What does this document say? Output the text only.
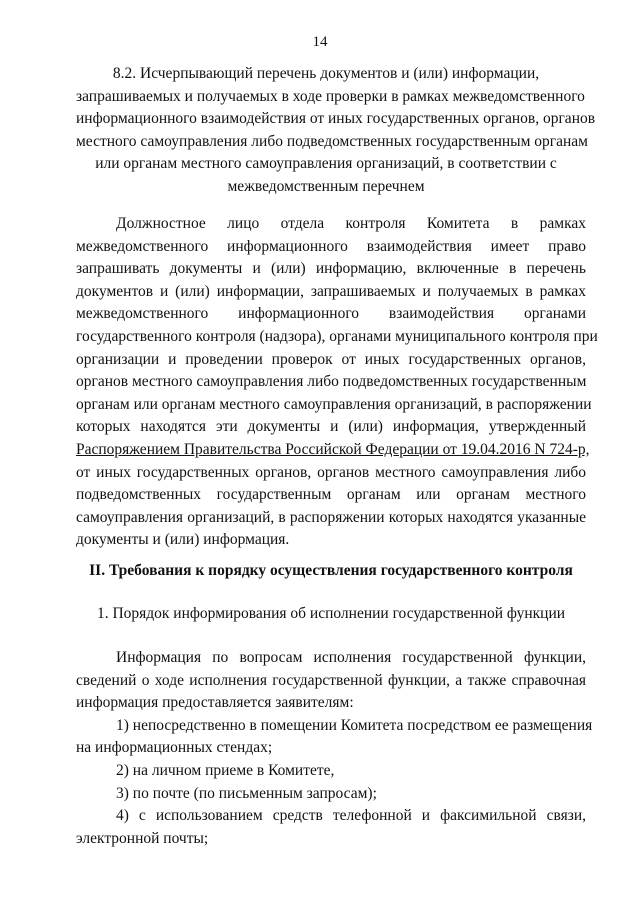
14
8.2. Исчерпывающий перечень документов и (или) информации,
запрашиваемых и получаемых в ходе проверки в рамках межведомственного
информационного взаимодействия от иных государственных органов, органов
местного самоуправления либо подведомственных государственным органам
или органам местного самоуправления организаций, в соответствии с
межведомственным перечнем
Должностное лицо отдела контроля Комитета в рамках
межведомственного информационного взаимодействия имеет право
запрашивать документы и (или) информацию, включенные в перечень
документов и (или) информации, запрашиваемых и получаемых в рамках
межведомственного информационного взаимодействия органами
государственного контроля (надзора), органами муниципального контроля при
организации и проведении проверок от иных государственных органов,
органов местного самоуправления либо подведомственных государственным
органам или органам местного самоуправления организаций, в распоряжении
которых находятся эти документы и (или) информация, утвержденный
Распоряжением Правительства Российской Федерации от 19.04.2016 N 724-р,
от иных государственных органов, органов местного самоуправления либо
подведомственных государственным органам или органам местного
самоуправления организаций, в распоряжении которых находятся указанные
документы и (или) информация.
II. Требования к порядку осуществления государственного контроля
1. Порядок информирования об исполнении государственной функции
Информация по вопросам исполнения государственной функции,
сведений о ходе исполнения государственной функции, а также справочная
информация предоставляется заявителям:
1) непосредственно в помещении Комитета посредством ее размещения
на информационных стендах;
2) на личном приеме в Комитете,
3) по почте (по письменным запросам);
4) с использованием средств телефонной и факсимильной связи,
электронной почты;
